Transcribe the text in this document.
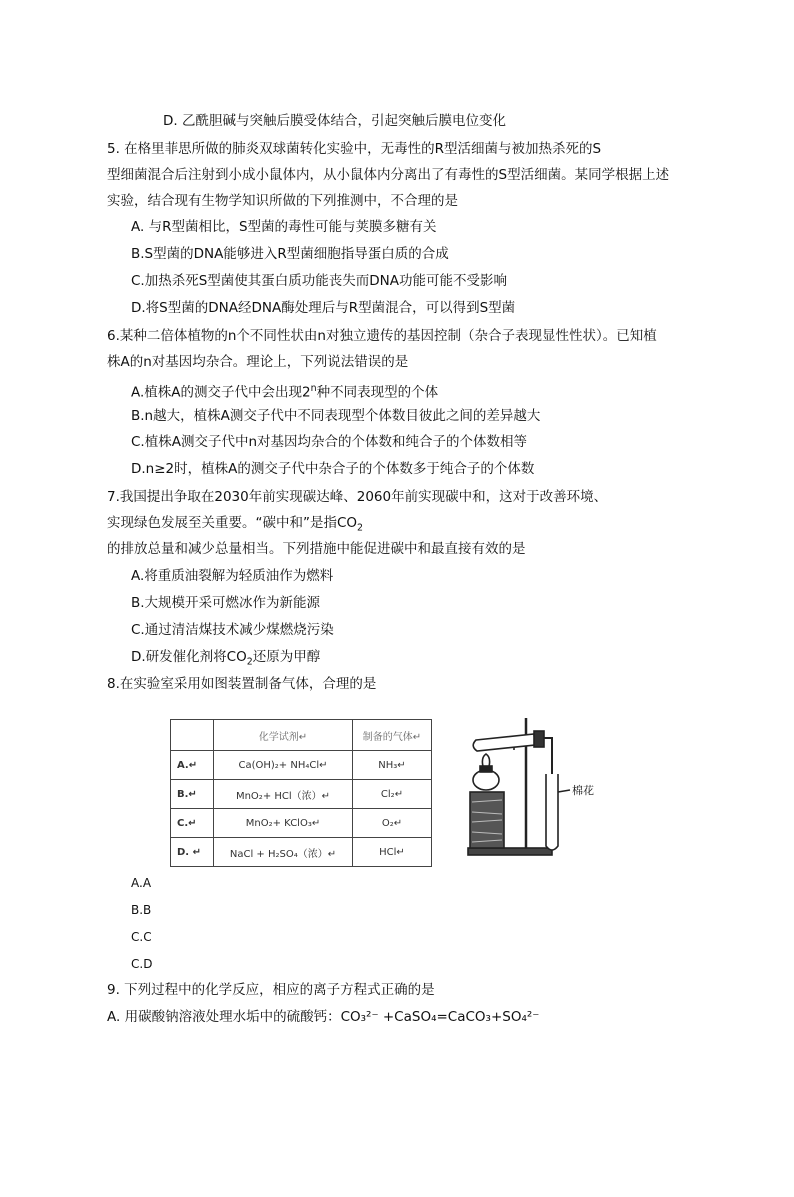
D. 乙酰胆碱与突触后膜受体结合，引起突触后膜电位变化
5. 在格里菲思所做的肺炎双球菌转化实验中，无毒性的R型活细菌与被加热杀死的S
型细菌混合后注射到小成小鼠体内，从小鼠体内分离出了有毒性的S型活细菌。某同学根据上述
实验，结合现有生物学知识所做的下列推测中，不合理的是
A. 与R型菌相比，S型菌的毒性可能与荚膜多糖有关
B.S型菌的DNA能够进入R型菌细胞指导蛋白质的合成
C.加热杀死S型菌使其蛋白质功能丧失而DNA功能可能不受影响
D.将S型菌的DNA经DNA酶处理后与R型菌混合，可以得到S型菌
6.某种二倍体植物的n个不同性状由n对独立遗传的基因控制（杂合子表现显性性状）。已知植
株A的n对基因均杂合。理论上，下列说法错误的是
A.植株A的测交子代中会出现2$^n$种不同表现型的个体
B.n越大，植株A测交子代中不同表现型个体数目彼此之间的差异越大
C.植株A测交子代中n对基因均杂合的个体数和纯合子的个体数相等
D.n≥2时，植株A的测交子代中杂合子的个体数多于纯合子的个体数
7.我国提出争取在2030年前实现碳达峰、2060年前实现碳中和，这对于改善环境、
实现绿色发展至关重要。“碳中和”是指$CO_2$
的排放总量和减少总量相当。下列措施中能促进碳中和最直接有效的是
A.将重质油裂解为轻质油作为燃料
B.大规模开采可燃冰作为新能源
C.通过清洁煤技术减少煤燃烧污染
D.研发催化剂将$CO_2$还原为甲醇
8.在实验室采用如图装置制备气体，合理的是
	化学试剂↵	制备的气体↵
A.↵	Ca(OH)₂+ NH₄Cl↵	NH₃↵
B.↵	MnO₂+ HCl（浓）↵	Cl₂↵
C.↵	MnO₂+ KClO₃↵	O₂↵
D. ↵	NaCl + H₂SO₄（浓）↵	HCl↵
棉花
A.A
B.B
C.C
C.D
9. 下列过程中的化学反应，相应的离子方程式正确的是
A. 用碳酸钠溶液处理水垢中的硫酸钙：CO₃²⁻ +CaSO₄=CaCO₃+SO₄²⁻
